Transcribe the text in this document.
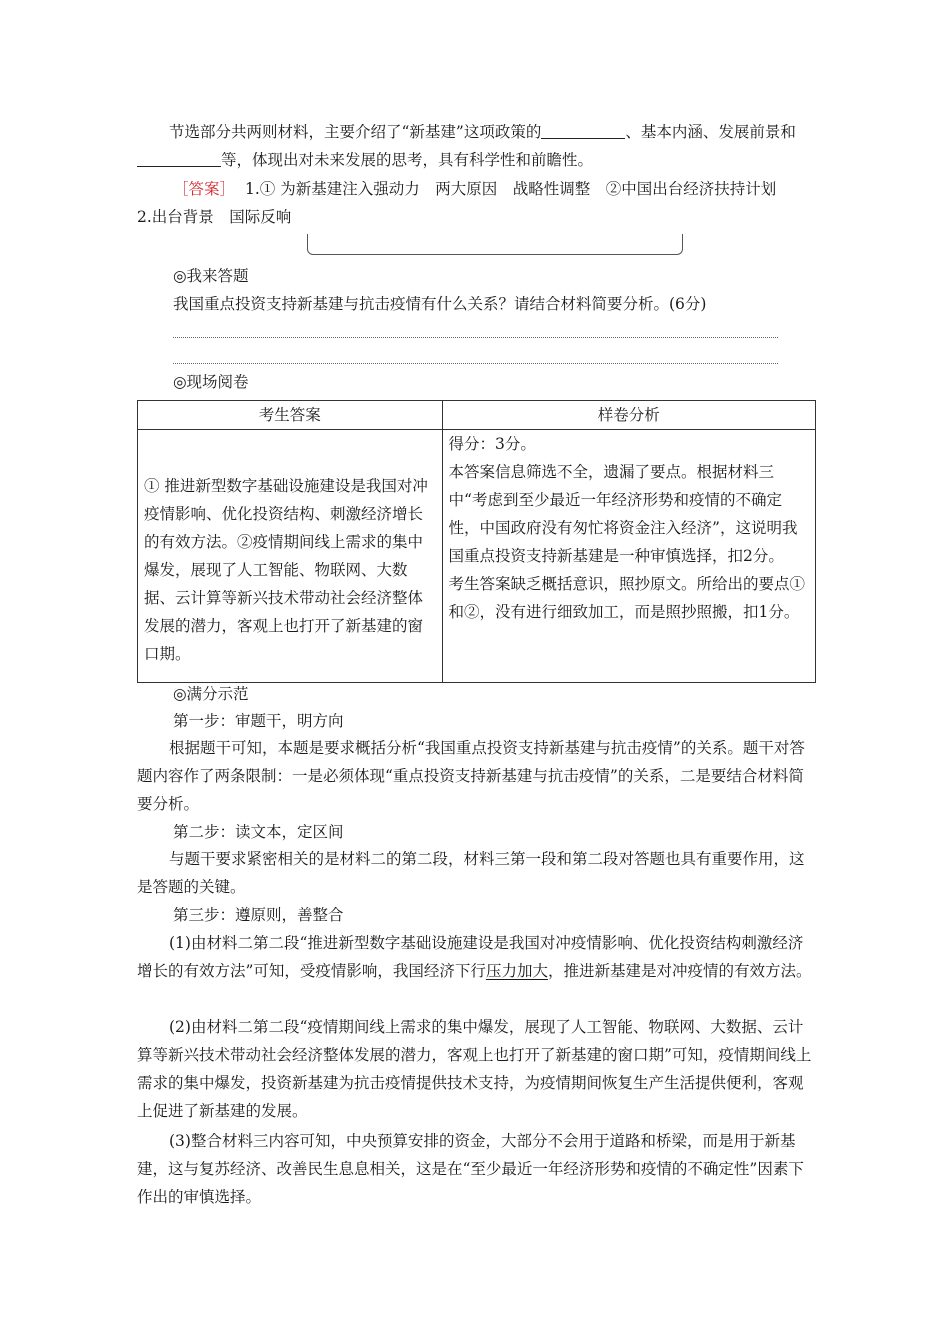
节选部分共两则材料，主要介绍了“新基建”这项政策的	、基本内涵、发展前景和等，体现出对未来发展的思考，具有科学性和前瞻性。

［答案］ 1.① 为新基建注入强动力　两大原因　战略性调整　②中国出台经济扶持计划
2.出台背景　国际反响
◎我来答题
我国重点投资支持新基建与抗击疫情有什么关系？请结合材料简要分析。(6分)
◎现场阅卷
考生答案	样卷分析

① 推进新型数字基础设施建设是我国对冲疫情影响、优化投资结构、刺激经济增长的有效方法。②疫情期间线上需求的集中爆发，展现了人工智能、物联网、大数据、云计算等新兴技术带动社会经济整体发展的潜力，客观上也打开了新基建的窗口期。	得分：3分。
本答案信息筛选不全，遗漏了要点。根据材料三中“考虑到至少最近一年经济形势和疫情的不确定性，中国政府没有匆忙将资金注入经济”，这说明我国重点投资支持新基建是一种审慎选择，扣2分。
考生答案缺乏概括意识，照抄原文。所给出的要点①和②，没有进行细致加工，而是照抄照搬，扣1分。
◎满分示范
第一步：审题干，明方向

根据题干可知，本题是要求概括分析“我国重点投资支持新基建与抗击疫情”的关系。题干对答题内容作了两条限制：一是必须体现“重点投资支持新基建与抗击疫情”的关系，二是要结合材料简要分析。

第二步：读文本，定区间

与题干要求紧密相关的是材料二的第二段，材料三第一段和第二段对答题也具有重要作用，这是答题的关键。

第三步：遵原则，善整合

(1)由材料二第二段“推进新型数字基础设施建设是我国对冲疫情影响、优化投资结构刺激经济增长的有效方法”可知，受疫情影响，我国经济下行压力加大，推进新基建是对冲疫情的有效方法。

(2)由材料二第二段“疫情期间线上需求的集中爆发，展现了人工智能、物联网、大数据、云计算等新兴技术带动社会经济整体发展的潜力，客观上也打开了新基建的窗口期”可知，疫情期间线上需求的集中爆发，投资新基建为抗击疫情提供技术支持，为疫情期间恢复生产生活提供便利，客观上促进了新基建的发展。

(3)整合材料三内容可知，中央预算安排的资金，大部分不会用于道路和桥梁，而是用于新基建，这与复苏经济、改善民生息息相关，这是在“至少最近一年经济形势和疫情的不确定性”因素下作出的审慎选择。
